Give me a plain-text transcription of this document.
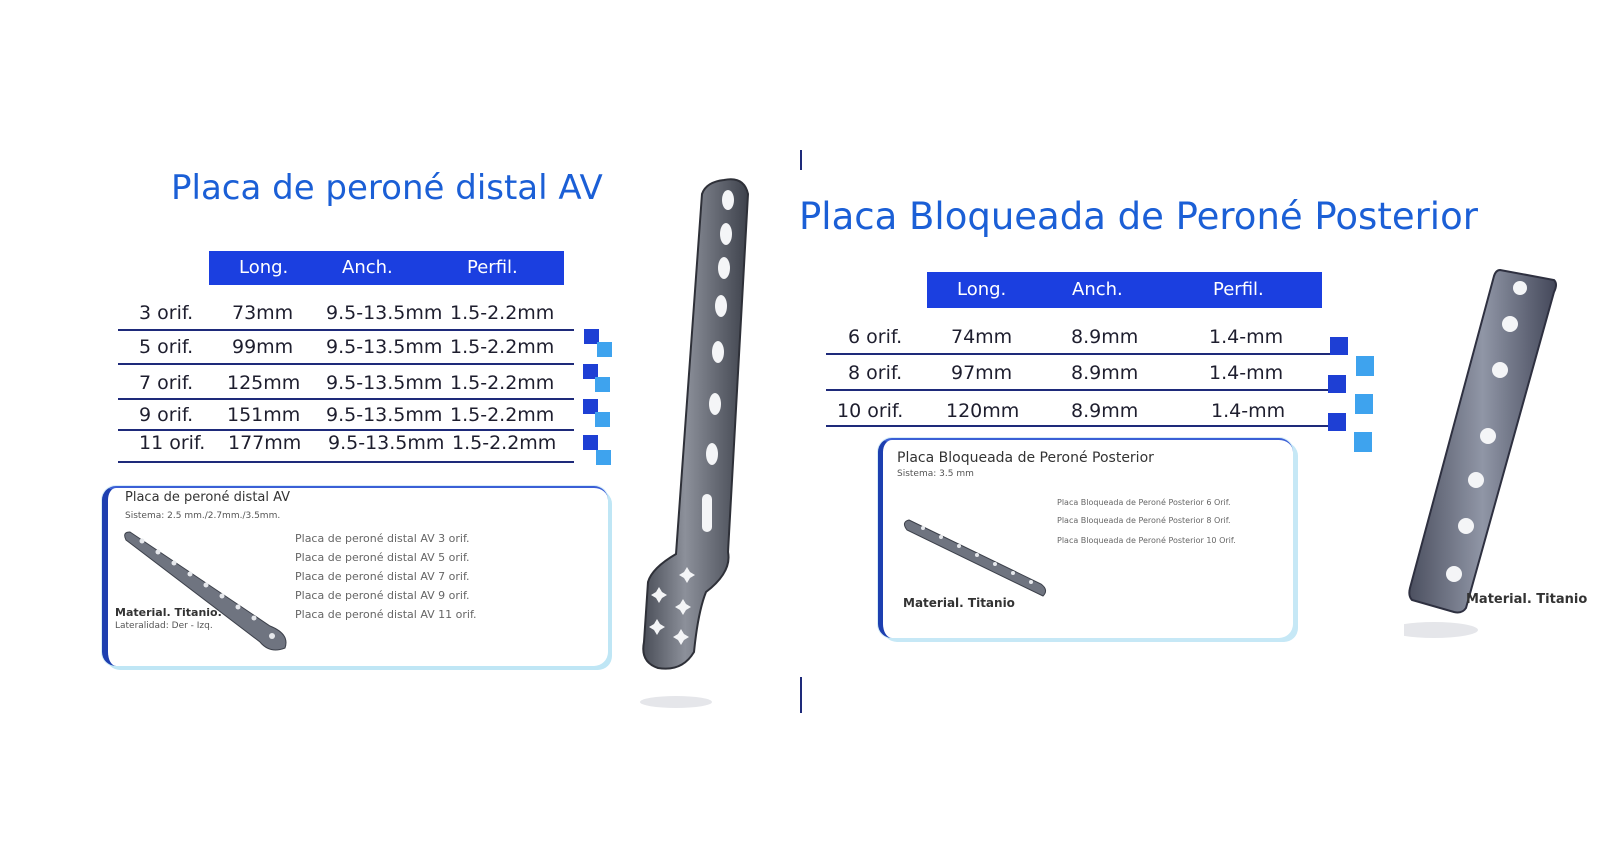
Placa de peroné distal AV
Long.	Anch.	Perfil.
3 orif. 73mm 9.5-13.5mm 1.5-2.2mm
5 orif. 99mm 9.5-13.5mm 1.5-2.2mm
7 orif. 125mm 9.5-13.5mm 1.5-2.2mm
9 orif. 151mm 9.5-13.5mm 1.5-2.2mm
11 orif. 177mm 9.5-13.5mm 1.5-2.2mm
Placa de peroné distal AV
Sistema: 2.5 mm./2.7mm./3.5mm.
Placa de peroné distal AV 3 orif.
Placa de peroné distal AV 5 orif.
Placa de peroné distal AV 7 orif.
Placa de peroné distal AV 9 orif.
Placa de peroné distal AV 11 orif.
Material. Titanio.
Lateralidad: Der - Izq.
Placa Bloqueada de Peroné Posterior
Long.	Anch.	Perfil.
6 orif.	74mm	8.9mm	1.4-mm
8 orif.	97mm	8.9mm	1.4-mm
10 orif. 120mm	8.9mm	1.4-mm
Placa Bloqueada de Peroné Posterior
Sistema: 3.5 mm
Placa Bloqueada de Peroné Posterior 6 Orif.
Placa Bloqueada de Peroné Posterior 8 Orif.
Placa Bloqueada de Peroné Posterior 10 Orif.
Material. Titanio	Material. Titanio
